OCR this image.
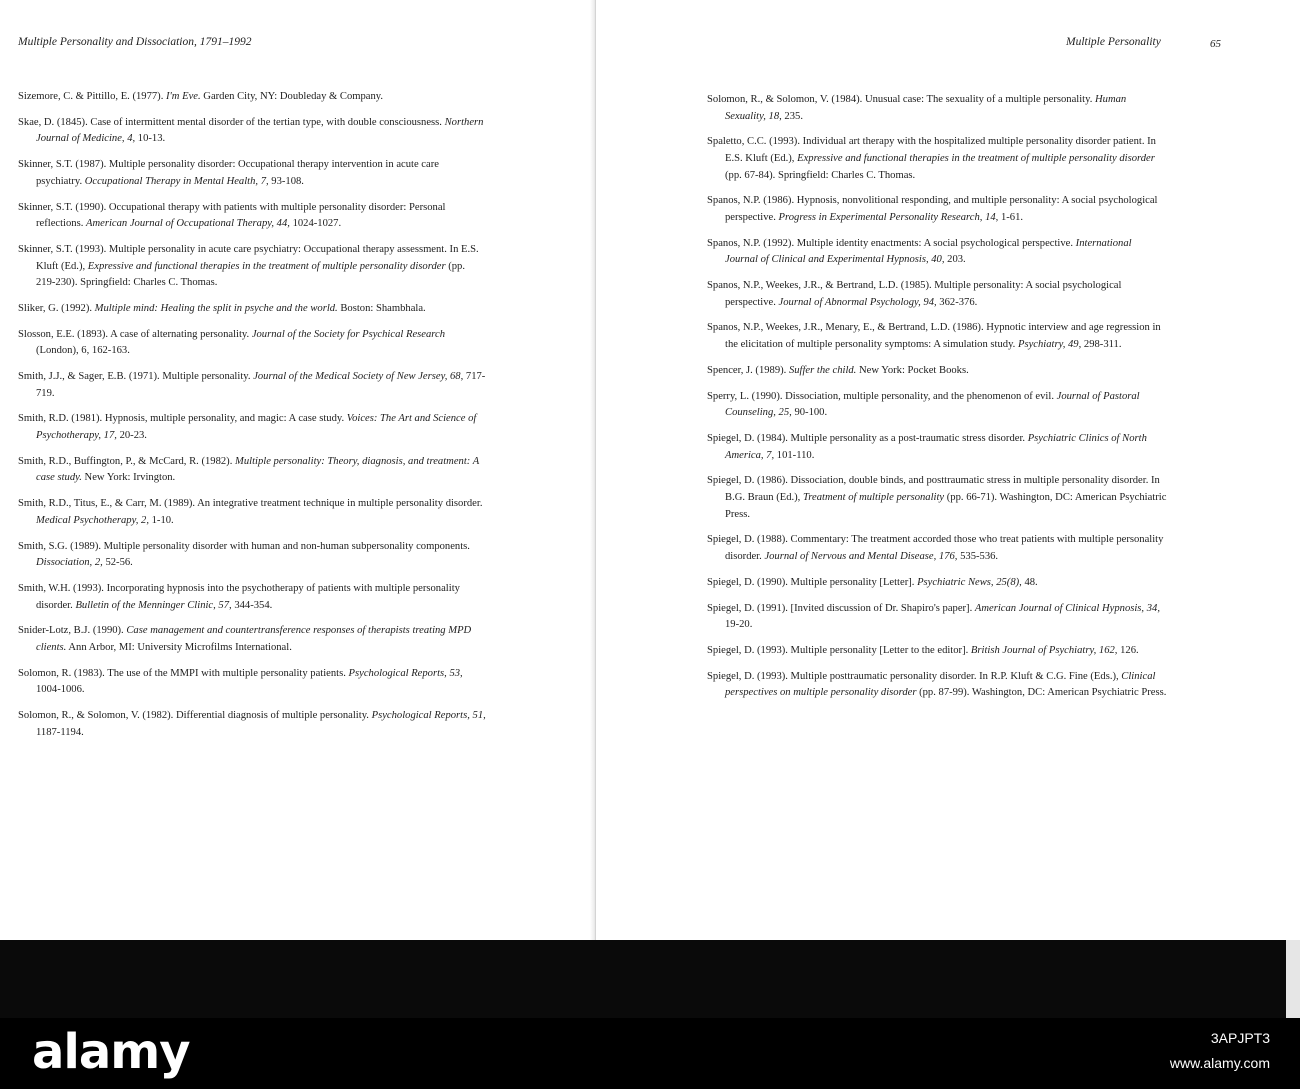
Multiple Personality and Dissociation, 1791–1992
Sizemore, C. & Pittillo, E. (1977). I'm Eve. Garden City, NY: Doubleday & Company.
Skae, D. (1845). Case of intermittent mental disorder of the tertian type, with double consciousness. Northern Journal of Medicine, 4, 10-13.
Skinner, S.T. (1987). Multiple personality disorder: Occupational therapy intervention in acute care psychiatry. Occupational Therapy in Mental Health, 7, 93-108.
Skinner, S.T. (1990). Occupational therapy with patients with multiple personality disorder: Personal reflections. American Journal of Occupational Therapy, 44, 1024-1027.
Skinner, S.T. (1993). Multiple personality in acute care psychiatry: Occupational therapy assessment. In E.S. Kluft (Ed.), Expressive and functional therapies in the treatment of multiple personality disorder (pp. 219-230). Springfield: Charles C. Thomas.
Sliker, G. (1992). Multiple mind: Healing the split in psyche and the world. Boston: Shambhala.
Slosson, E.E. (1893). A case of alternating personality. Journal of the Society for Psychical Research (London), 6, 162-163.
Smith, J.J., & Sager, E.B. (1971). Multiple personality. Journal of the Medical Society of New Jersey, 68, 717-719.
Smith, R.D. (1981). Hypnosis, multiple personality, and magic: A case study. Voices: The Art and Science of Psychotherapy, 17, 20-23.
Smith, R.D., Buffington, P., & McCard, R. (1982). Multiple personality: Theory, diagnosis, and treatment: A case study. New York: Irvington.
Smith, R.D., Titus, E., & Carr, M. (1989). An integrative treatment technique in multiple personality disorder. Medical Psychotherapy, 2, 1-10.
Smith, S.G. (1989). Multiple personality disorder with human and non-human subpersonality components. Dissociation, 2, 52-56.
Smith, W.H. (1993). Incorporating hypnosis into the psychotherapy of patients with multiple personality disorder. Bulletin of the Menninger Clinic, 57, 344-354.
Snider-Lotz, B.J. (1990). Case management and countertransference responses of therapists treating MPD clients. Ann Arbor, MI: University Microfilms International.
Solomon, R. (1983). The use of the MMPI with multiple personality patients. Psychological Reports, 53, 1004-1006.
Solomon, R., & Solomon, V. (1982). Differential diagnosis of multiple personality. Psychological Reports, 51, 1187-1194.
Multiple Personality	65
Solomon, R., & Solomon, V. (1984). Unusual case: The sexuality of a multiple personality. Human Sexuality, 18, 235.
Spaletto, C.C. (1993). Individual art therapy with the hospitalized multiple personality disorder patient. In E.S. Kluft (Ed.), Expressive and functional therapies in the treatment of multiple personality disorder (pp. 67-84). Springfield: Charles C. Thomas.
Spanos, N.P. (1986). Hypnosis, nonvolitional responding, and multiple personality: A social psychological perspective. Progress in Experimental Personality Research, 14, 1-61.
Spanos, N.P. (1992). Multiple identity enactments: A social psychological perspective. International Journal of Clinical and Experimental Hypnosis, 40, 203.
Spanos, N.P., Weekes, J.R., & Bertrand, L.D. (1985). Multiple personality: A social psychological perspective. Journal of Abnormal Psychology, 94, 362-376.
Spanos, N.P., Weekes, J.R., Menary, E., & Bertrand, L.D. (1986). Hypnotic interview and age regression in the elicitation of multiple personality symptoms: A simulation study. Psychiatry, 49, 298-311.
Spencer, J. (1989). Suffer the child. New York: Pocket Books.
Sperry, L. (1990). Dissociation, multiple personality, and the phenomenon of evil. Journal of Pastoral Counseling, 25, 90-100.
Spiegel, D. (1984). Multiple personality as a post-traumatic stress disorder. Psychiatric Clinics of North America, 7, 101-110.
Spiegel, D. (1986). Dissociation, double binds, and posttraumatic stress in multiple personality disorder. In B.G. Braun (Ed.), Treatment of multiple personality (pp. 66-71). Washington, DC: American Psychiatric Press.
Spiegel, D. (1988). Commentary: The treatment accorded those who treat patients with multiple personality disorder. Journal of Nervous and Mental Disease, 176, 535-536.
Spiegel, D. (1990). Multiple personality [Letter]. Psychiatric News, 25(8), 48.
Spiegel, D. (1991). [Invited discussion of Dr. Shapiro's paper]. American Journal of Clinical Hypnosis, 34, 19-20.
Spiegel, D. (1993). Multiple personality [Letter to the editor]. British Journal of Psychiatry, 162, 126.
Spiegel, D. (1993). Multiple posttraumatic personality disorder. In R.P. Kluft & C.G. Fine (Eds.), Clinical perspectives on multiple personality disorder (pp. 87-99). Washington, DC: American Psychiatric Press.
alamy	3APJPT3
www.alamy.com
